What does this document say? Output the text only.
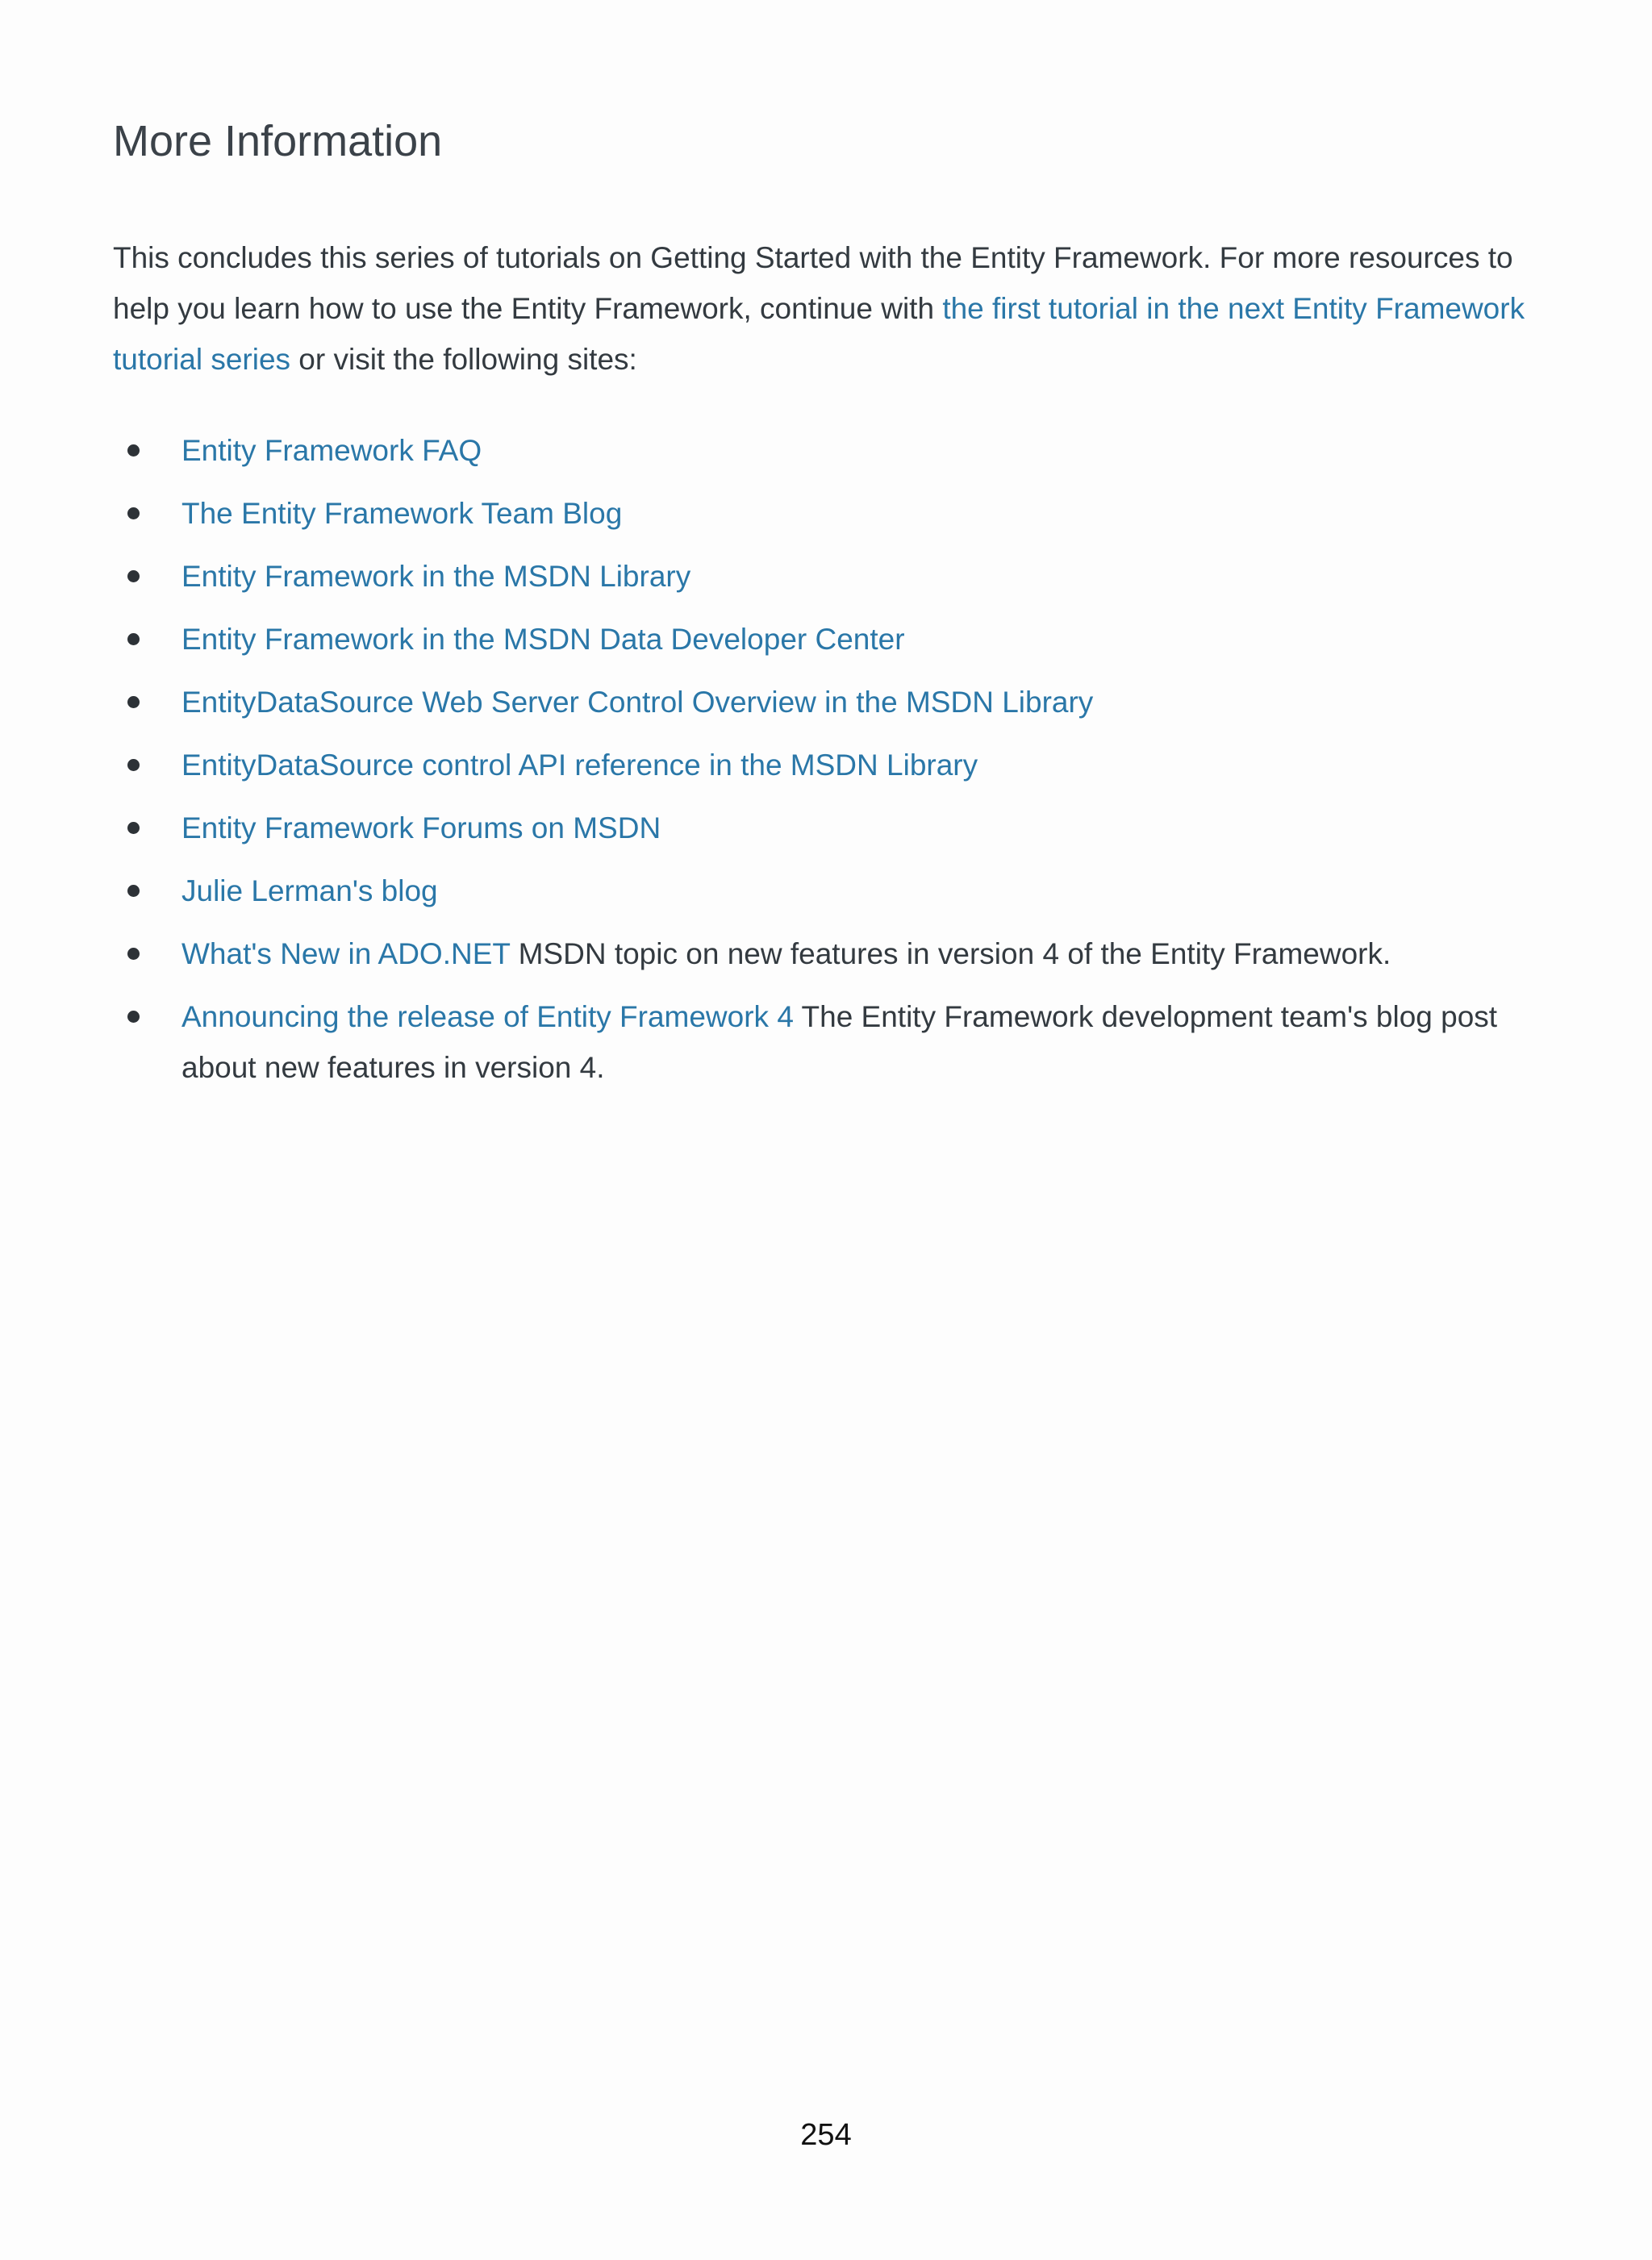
More Information

This concludes this series of tutorials on Getting Started with the Entity Framework. For more resources to help you learn how to use the Entity Framework, continue with the first tutorial in the next Entity Framework tutorial series or visit the following sites:

Entity Framework FAQ
The Entity Framework Team Blog
Entity Framework in the MSDN Library
Entity Framework in the MSDN Data Developer Center
EntityDataSource Web Server Control Overview in the MSDN Library
EntityDataSource control API reference in the MSDN Library
Entity Framework Forums on MSDN
Julie Lerman's blog
What's New in ADO.NET MSDN topic on new features in version 4 of the Entity Framework.
Announcing the release of Entity Framework 4 The Entity Framework development team's blog post about new features in version 4.
254
